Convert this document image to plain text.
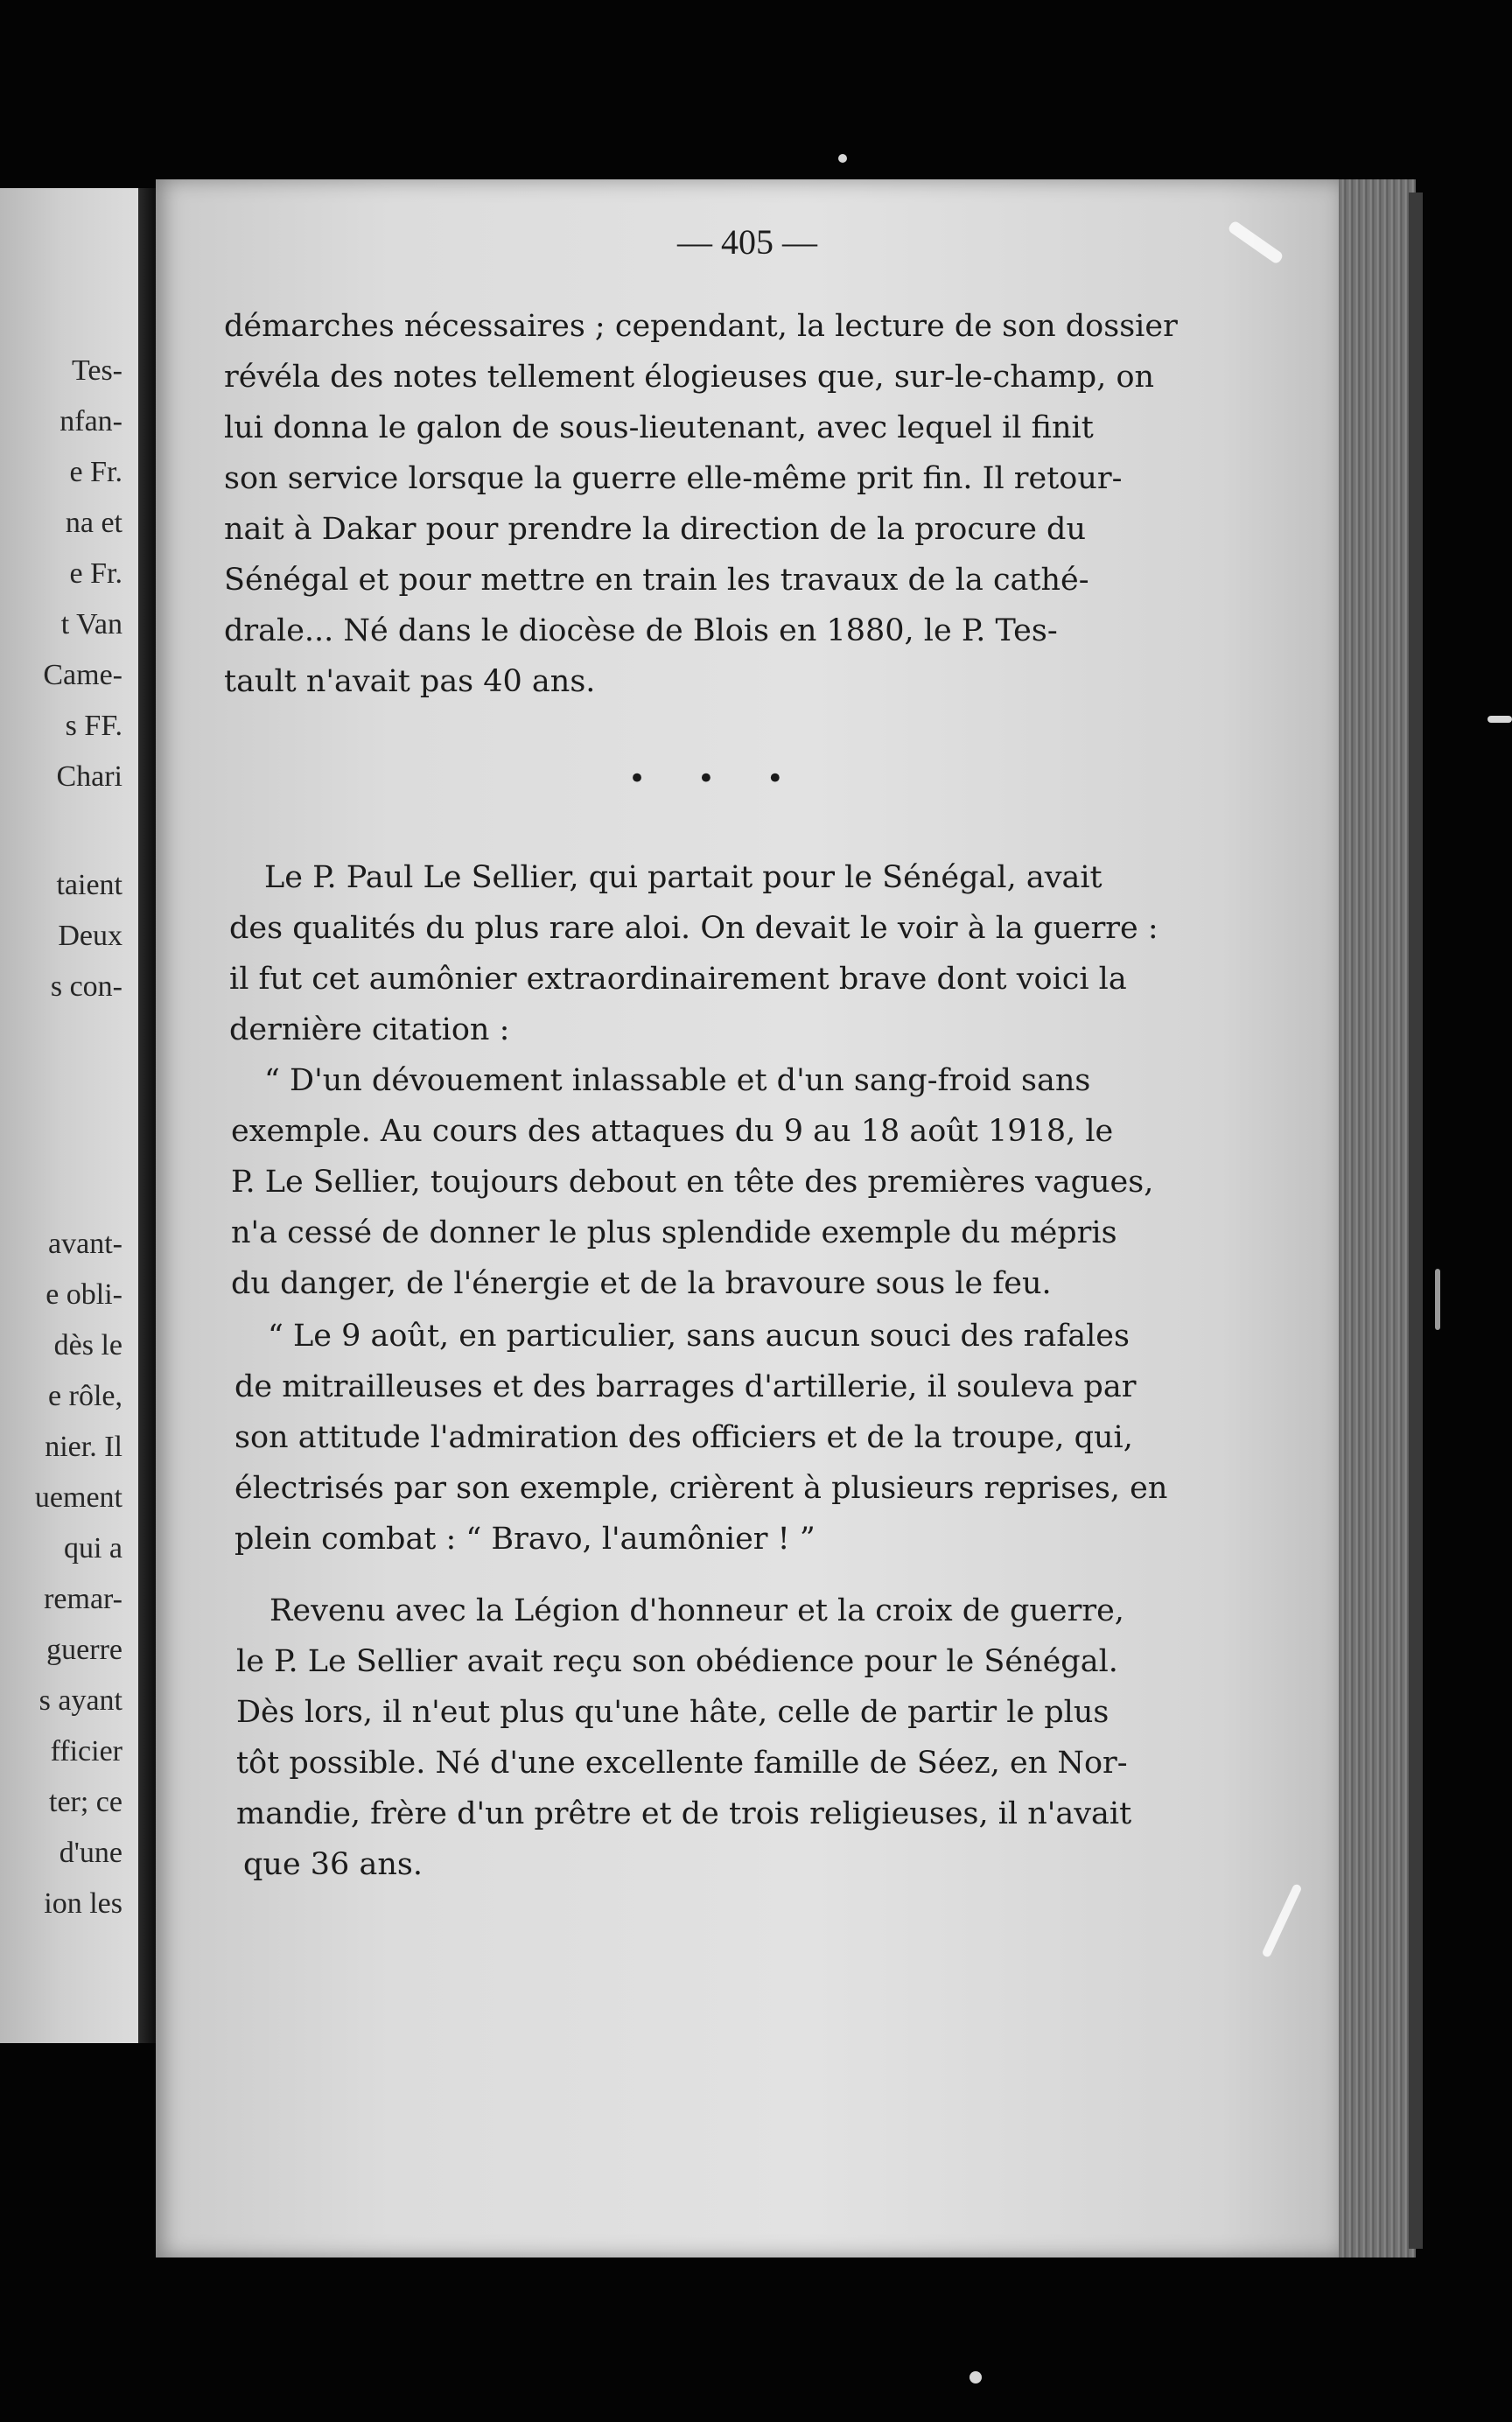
Tes-

nfan-

e Fr.

na et

e Fr.

t Van

Came-

s FF.

Chari

taient

Deux

s con-

avant-

e obli-

dès le

e rôle,

nier. Il

uement

qui a

remar-

guerre

s ayant

fficier

ter; ce

d'une

ion les

— 405 —

démarches nécessaires ; cependant, la lecture de son dossier

révéla des notes tellement élogieuses que, sur-le-champ, on

lui donna le galon de sous-lieutenant, avec lequel il finit

son service lorsque la guerre elle-même prit fin. Il retour-

nait à Dakar pour prendre la direction de la procure du

Sénégal et pour mettre en train les travaux de la cathé-

drale... Né dans le diocèse de Blois en 1880, le P. Tes-

tault n'avait pas 40 ans.

• • •

Le P. Paul Le Sellier, qui partait pour le Sénégal, avait

des qualités du plus rare aloi. On devait le voir à la guerre :

il fut cet aumônier extraordinairement brave dont voici la

dernière citation :

“ D'un dévouement inlassable et d'un sang-froid sans

exemple. Au cours des attaques du 9 au 18 août 1918, le

P. Le Sellier, toujours debout en tête des premières vagues,

n'a cessé de donner le plus splendide exemple du mépris

du danger, de l'énergie et de la bravoure sous le feu.

“ Le 9 août, en particulier, sans aucun souci des rafales

de mitrailleuses et des barrages d'artillerie, il souleva par

son attitude l'admiration des officiers et de la troupe, qui,

électrisés par son exemple, crièrent à plusieurs reprises, en

plein combat : “ Bravo, l'aumônier ! ”

Revenu avec la Légion d'honneur et la croix de guerre,

le P. Le Sellier avait reçu son obédience pour le Sénégal.

Dès lors, il n'eut plus qu'une hâte, celle de partir le plus

tôt possible. Né d'une excellente famille de Séez, en Nor-

mandie, frère d'un prêtre et de trois religieuses, il n'avait

que 36 ans.
